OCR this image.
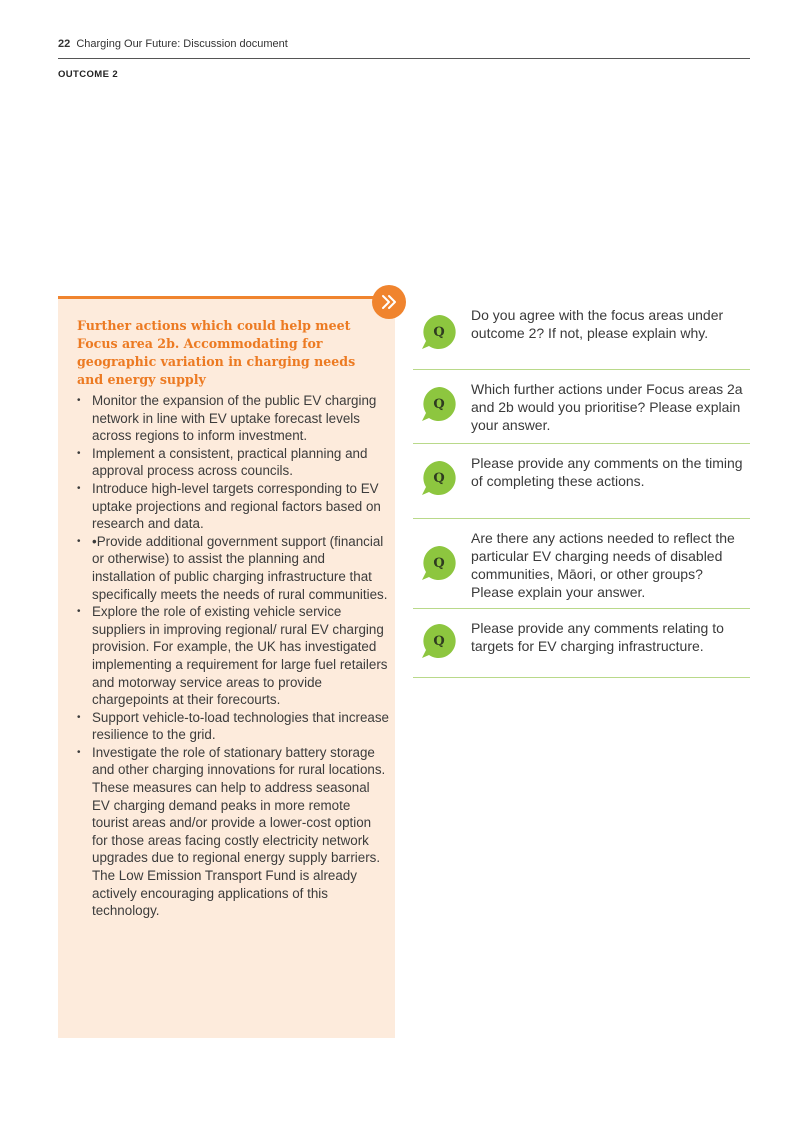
22 Charging Our Future: Discussion document
OUTCOME 2
Further actions which could help meet Focus area 2b. Accommodating for geographic variation in charging needs and energy supply
• Monitor the expansion of the public EV charging network in line with EV uptake forecast levels across regions to inform investment.
• Implement a consistent, practical planning and approval process across councils.
• Introduce high-level targets corresponding to EV uptake projections and regional factors based on research and data.
• •Provide additional government support (financial or otherwise) to assist the planning and installation of public charging infrastructure that specifically meets the needs of rural communities.
• Explore the role of existing vehicle service suppliers in improving regional/ rural EV charging provision. For example, the UK has investigated implementing a requirement for large fuel retailers and motorway service areas to provide chargepoints at their forecourts.
• Support vehicle-to-load technologies that increase resilience to the grid.
• Investigate the role of stationary battery storage and other charging innovations for rural locations. These measures can help to address seasonal EV charging demand peaks in more remote tourist areas and/or provide a lower-cost option for those areas facing costly electricity network upgrades due to regional energy supply barriers. The Low Emission Transport Fund is already actively encouraging applications of this technology.
Q

Do you agree with the focus areas under outcome 2? If not, please explain why.

Q

Which further actions under Focus areas 2a and 2b would you prioritise? Please explain your answer.

Q

Please provide any comments on the timing of completing these actions.

Q

Are there any actions needed to reflect the particular EV charging needs of disabled communities, Māori, or other groups? Please explain your answer.

Q

Please provide any comments relating to targets for EV charging infrastructure.
